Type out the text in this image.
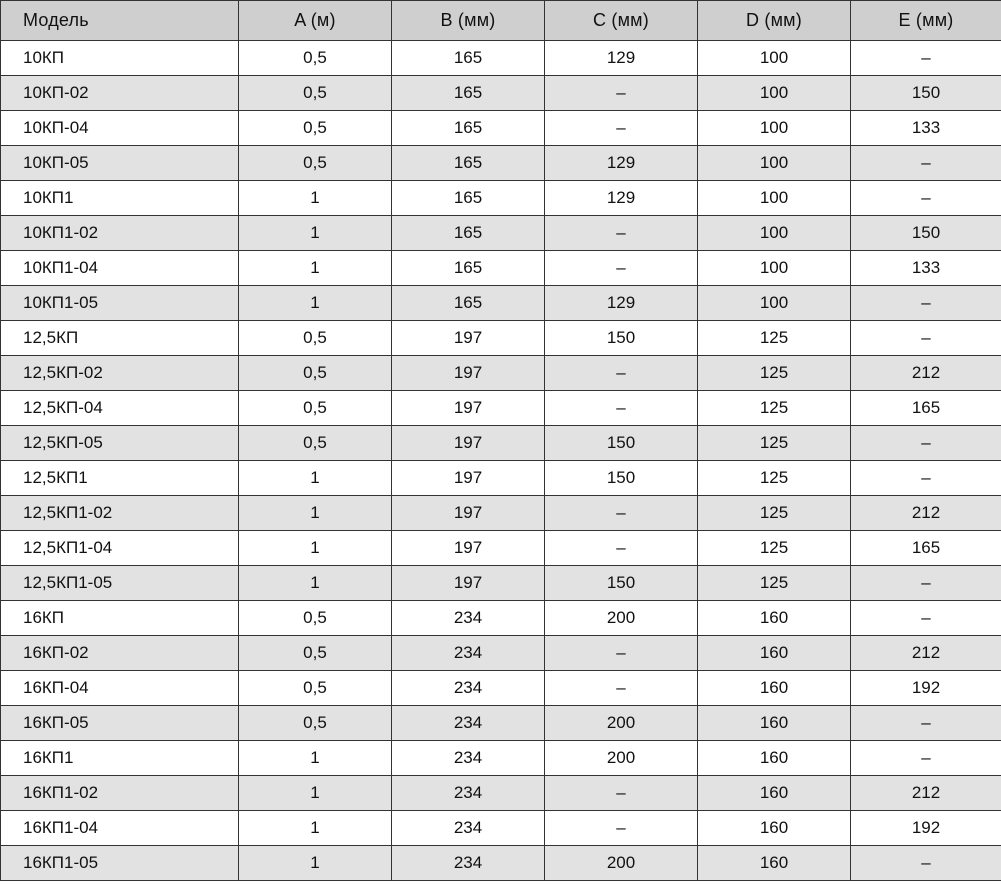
Модель	A (м)	B (мм)	C (мм)	D (мм)	E (мм)
10КП	0,5	165	129	100	–
10КП-02	0,5	165	–	100	150
10КП-04	0,5	165	–	100	133
10КП-05	0,5	165	129	100	–
10КП1	1	165	129	100	–
10КП1-02	1	165	–	100	150
10КП1-04	1	165	–	100	133
10КП1-05	1	165	129	100	–
12,5КП	0,5	197	150	125	–
12,5КП-02	0,5	197	–	125	212
12,5КП-04	0,5	197	–	125	165
12,5КП-05	0,5	197	150	125	–
12,5КП1	1	197	150	125	–
12,5КП1-02	1	197	–	125	212
12,5КП1-04	1	197	–	125	165
12,5КП1-05	1	197	150	125	–
16КП	0,5	234	200	160	–
16КП-02	0,5	234	–	160	212
16КП-04	0,5	234	–	160	192
16КП-05	0,5	234	200	160	–
16КП1	1	234	200	160	–
16КП1-02	1	234	–	160	212
16КП1-04	1	234	–	160	192
16КП1-05	1	234	200	160	–
